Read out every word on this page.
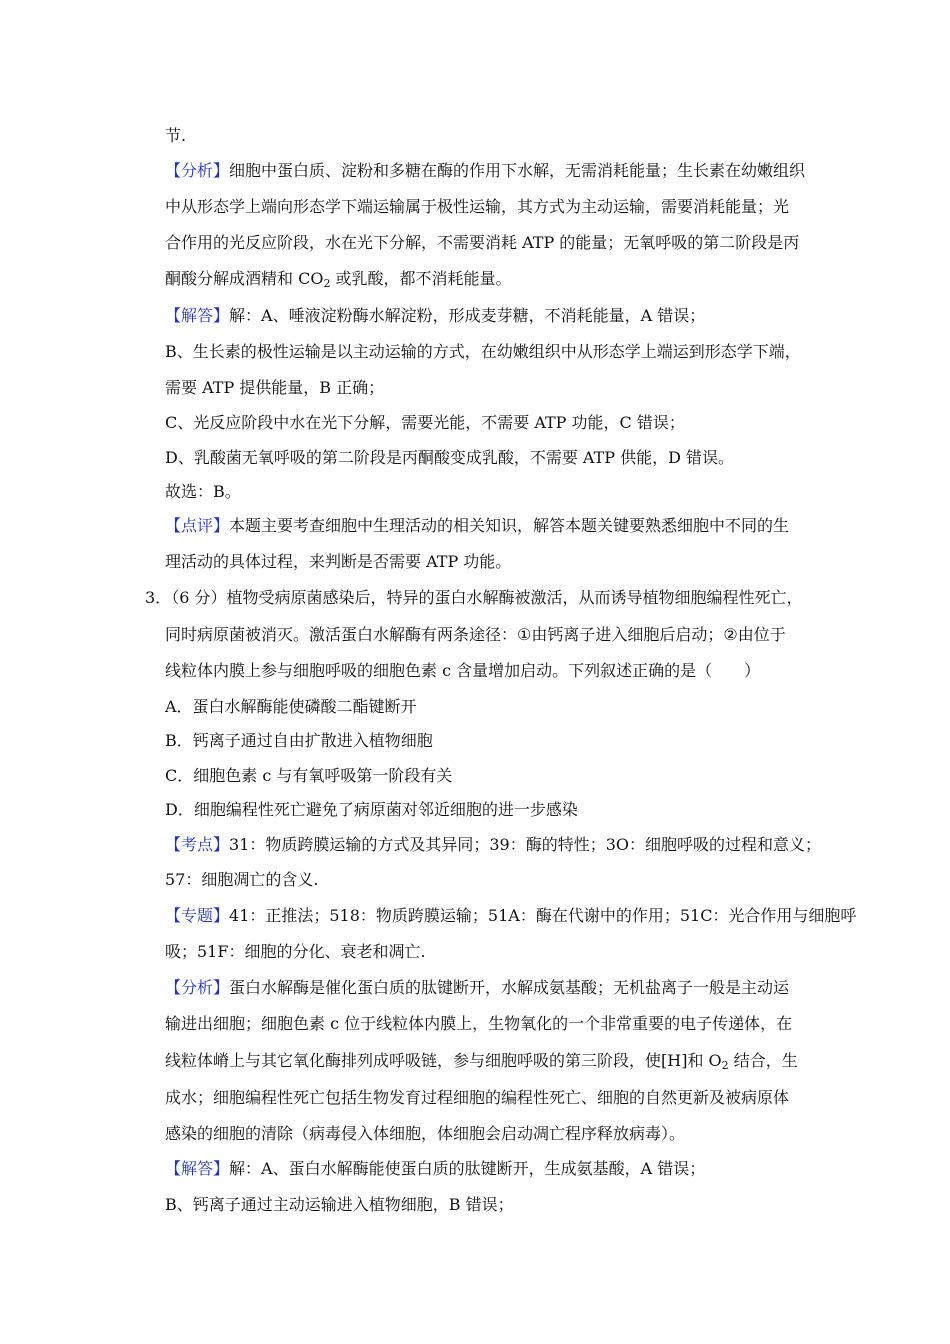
节.
【分析】细胞中蛋白质、淀粉和多糖在酶的作用下水解，无需消耗能量；生长素在幼嫩组织
中从形态学上端向形态学下端运输属于极性运输，其方式为主动运输，需要消耗能量；光
合作用的光反应阶段，水在光下分解，不需要消耗 ATP 的能量；无氧呼吸的第二阶段是丙
酮酸分解成酒精和 $CO_2$ 或乳酸，都不消耗能量。
【解答】解：A、唾液淀粉酶水解淀粉，形成麦芽糖，不消耗能量，A 错误；
B、生长素的极性运输是以主动运输的方式，在幼嫩组织中从形态学上端运到形态学下端，
需要 ATP 提供能量，B 正确；
C、光反应阶段中水在光下分解，需要光能，不需要 ATP 功能，C 错误；
D、乳酸菌无氧呼吸的第二阶段是丙酮酸变成乳酸，不需要 ATP 供能，D 错误。
故选：B。
【点评】本题主要考查细胞中生理活动的相关知识，解答本题关键要熟悉细胞中不同的生
理活动的具体过程，来判断是否需要 ATP 功能。
3．（6 分）植物受病原菌感染后，特异的蛋白水解酶被激活，从而诱导植物细胞编程性死亡，
同时病原菌被消灭。激活蛋白水解酶有两条途径：①由钙离子进入细胞后启动；②由位于
线粒体内膜上参与细胞呼吸的细胞色素 c 含量增加启动。下列叙述正确的是（　　）
A．蛋白水解酶能使磷酸二酯键断开
B．钙离子通过自由扩散进入植物细胞
C．细胞色素 c 与有氧呼吸第一阶段有关
D．细胞编程性死亡避免了病原菌对邻近细胞的进一步感染
【考点】31：物质跨膜运输的方式及其异同；39：酶的特性；3O：细胞呼吸的过程和意义；
57：细胞凋亡的含义.
【专题】41：正推法；518：物质跨膜运输；51A：酶在代谢中的作用；51C：光合作用与细胞呼
吸；51F：细胞的分化、衰老和凋亡.
【分析】蛋白水解酶是催化蛋白质的肽键断开，水解成氨基酸；无机盐离子一般是主动运
输进出细胞；细胞色素 c 位于线粒体内膜上，生物氧化的一个非常重要的电子传递体，在
线粒体嵴上与其它氧化酶排列成呼吸链，参与细胞呼吸的第三阶段，使[H]和 $O_2$ 结合，生
成水；细胞编程性死亡包括生物发育过程细胞的编程性死亡、细胞的自然更新及被病原体
感染的细胞的清除（病毒侵入体细胞，体细胞会启动凋亡程序释放病毒）。
【解答】解：A、蛋白水解酶能使蛋白质的肽键断开，生成氨基酸，A 错误；
B、钙离子通过主动运输进入植物细胞，B 错误；
